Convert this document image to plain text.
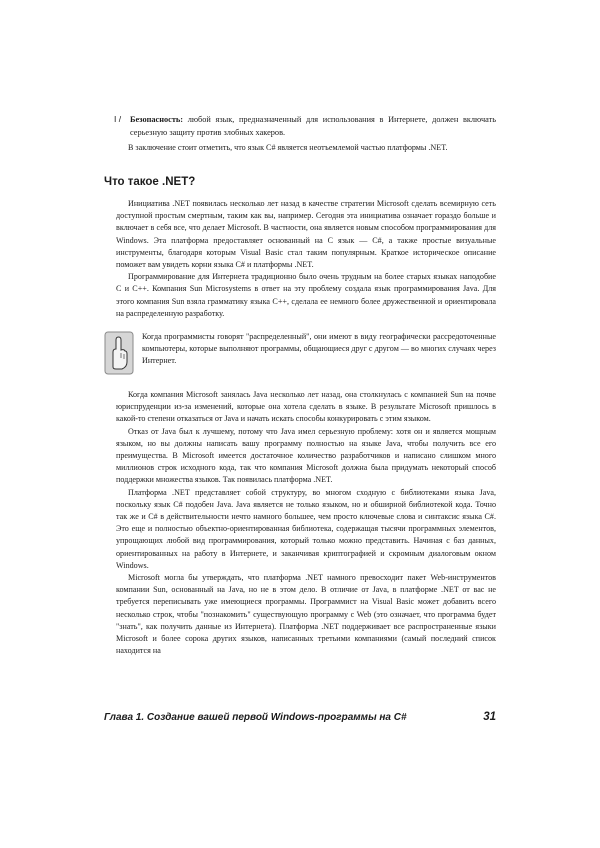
I / Безопасность: любой язык, предназначенный для использования в Интернете, должен включать серьезную защиту против злобных хакеров.

В заключение стоит отметить, что язык C# является неотъемлемой частью платформы .NET.

Что такое .NET?

Инициатива .NET появилась несколько лет назад в качестве стратегии Microsoft сделать всемирную сеть доступной простым смертным, таким как вы, например. Сегодня эта инициатива означает гораздо больше и включает в себя все, что делает Microsoft. В частности, она является новым способом программирования для Windows. Эта платформа предоставляет основанный на С язык — C#, а также простые визуальные инструменты, благодаря которым Visual Basic стал таким популярным. Краткое историческое описание поможет вам увидеть корни языка C# и платформы .NET.

Программирование для Интернета традиционно было очень трудным на более старых языках наподобие С и С++. Компания Sun Microsystems в ответ на эту проблему создала язык программирования Java. Для этого компания Sun взяла грамматику языка С++, сделала ее немного более дружественной и ориентировала на распределенную разработку.

Когда программисты говорят "распределенный", они имеют в виду географически рассредоточенные компьютеры, которые выполняют программы, общающиеся друг с другом — во многих случаях через Интернет.

Когда компания Microsoft занялась Java несколько лет назад, она столкнулась с компанией Sun на почве юриспруденции из-за изменений, которые она хотела сделать в языке. В результате Microsoft пришлось в какой-то степени отказаться от Java и начать искать способы конкурировать с этим языком.

Отказ от Java был к лучшему, потому что Java имел серьезную проблему: хотя он и является мощным языком, но вы должны написать вашу программу полностью на языке Java, чтобы получить все его преимущества. В Microsoft имеется достаточное количество разработчиков и написано слишком много миллионов строк исходного кода, так что компания Microsoft должна была придумать некоторый способ поддержки множества языков. Так появилась платформа .NET.

Платформа .NET представляет собой структуру, во многом сходную с библиотеками языка Java, поскольку язык C# подобен Java. Java является не только языком, но и обширной библиотекой кода. Точно так же и C# в действительности нечто намного большее, чем просто ключевые слова и синтаксис языка C#. Это еще и полностью объектно-ориентированная библиотека, содержащая тысячи программных элементов, упрощающих любой вид программирования, который только можно представить. Начиная с баз данных, ориентированных на работу в Интернете, и заканчивая криптографией и скромным диалоговым окном Windows.

Microsoft могла бы утверждать, что платформа .NET намного превосходит пакет Web-инструментов компании Sun, основанный на Java, но не в этом дело. В отличие от Java, в платформе .NET от вас не требуется переписывать уже имеющиеся программы. Программист на Visual Basic может добавить всего несколько строк, чтобы "познакомить" существующую программу с Web (это означает, что программа будет "знать", как получить данные из Интернета). Платформа .NET поддерживает все распространенные языки Microsoft и более сорока других языков, написанных третьими компаниями (самый последний список находится на

Глава 1. Создание вашей первой Windows-программы на C#	31
